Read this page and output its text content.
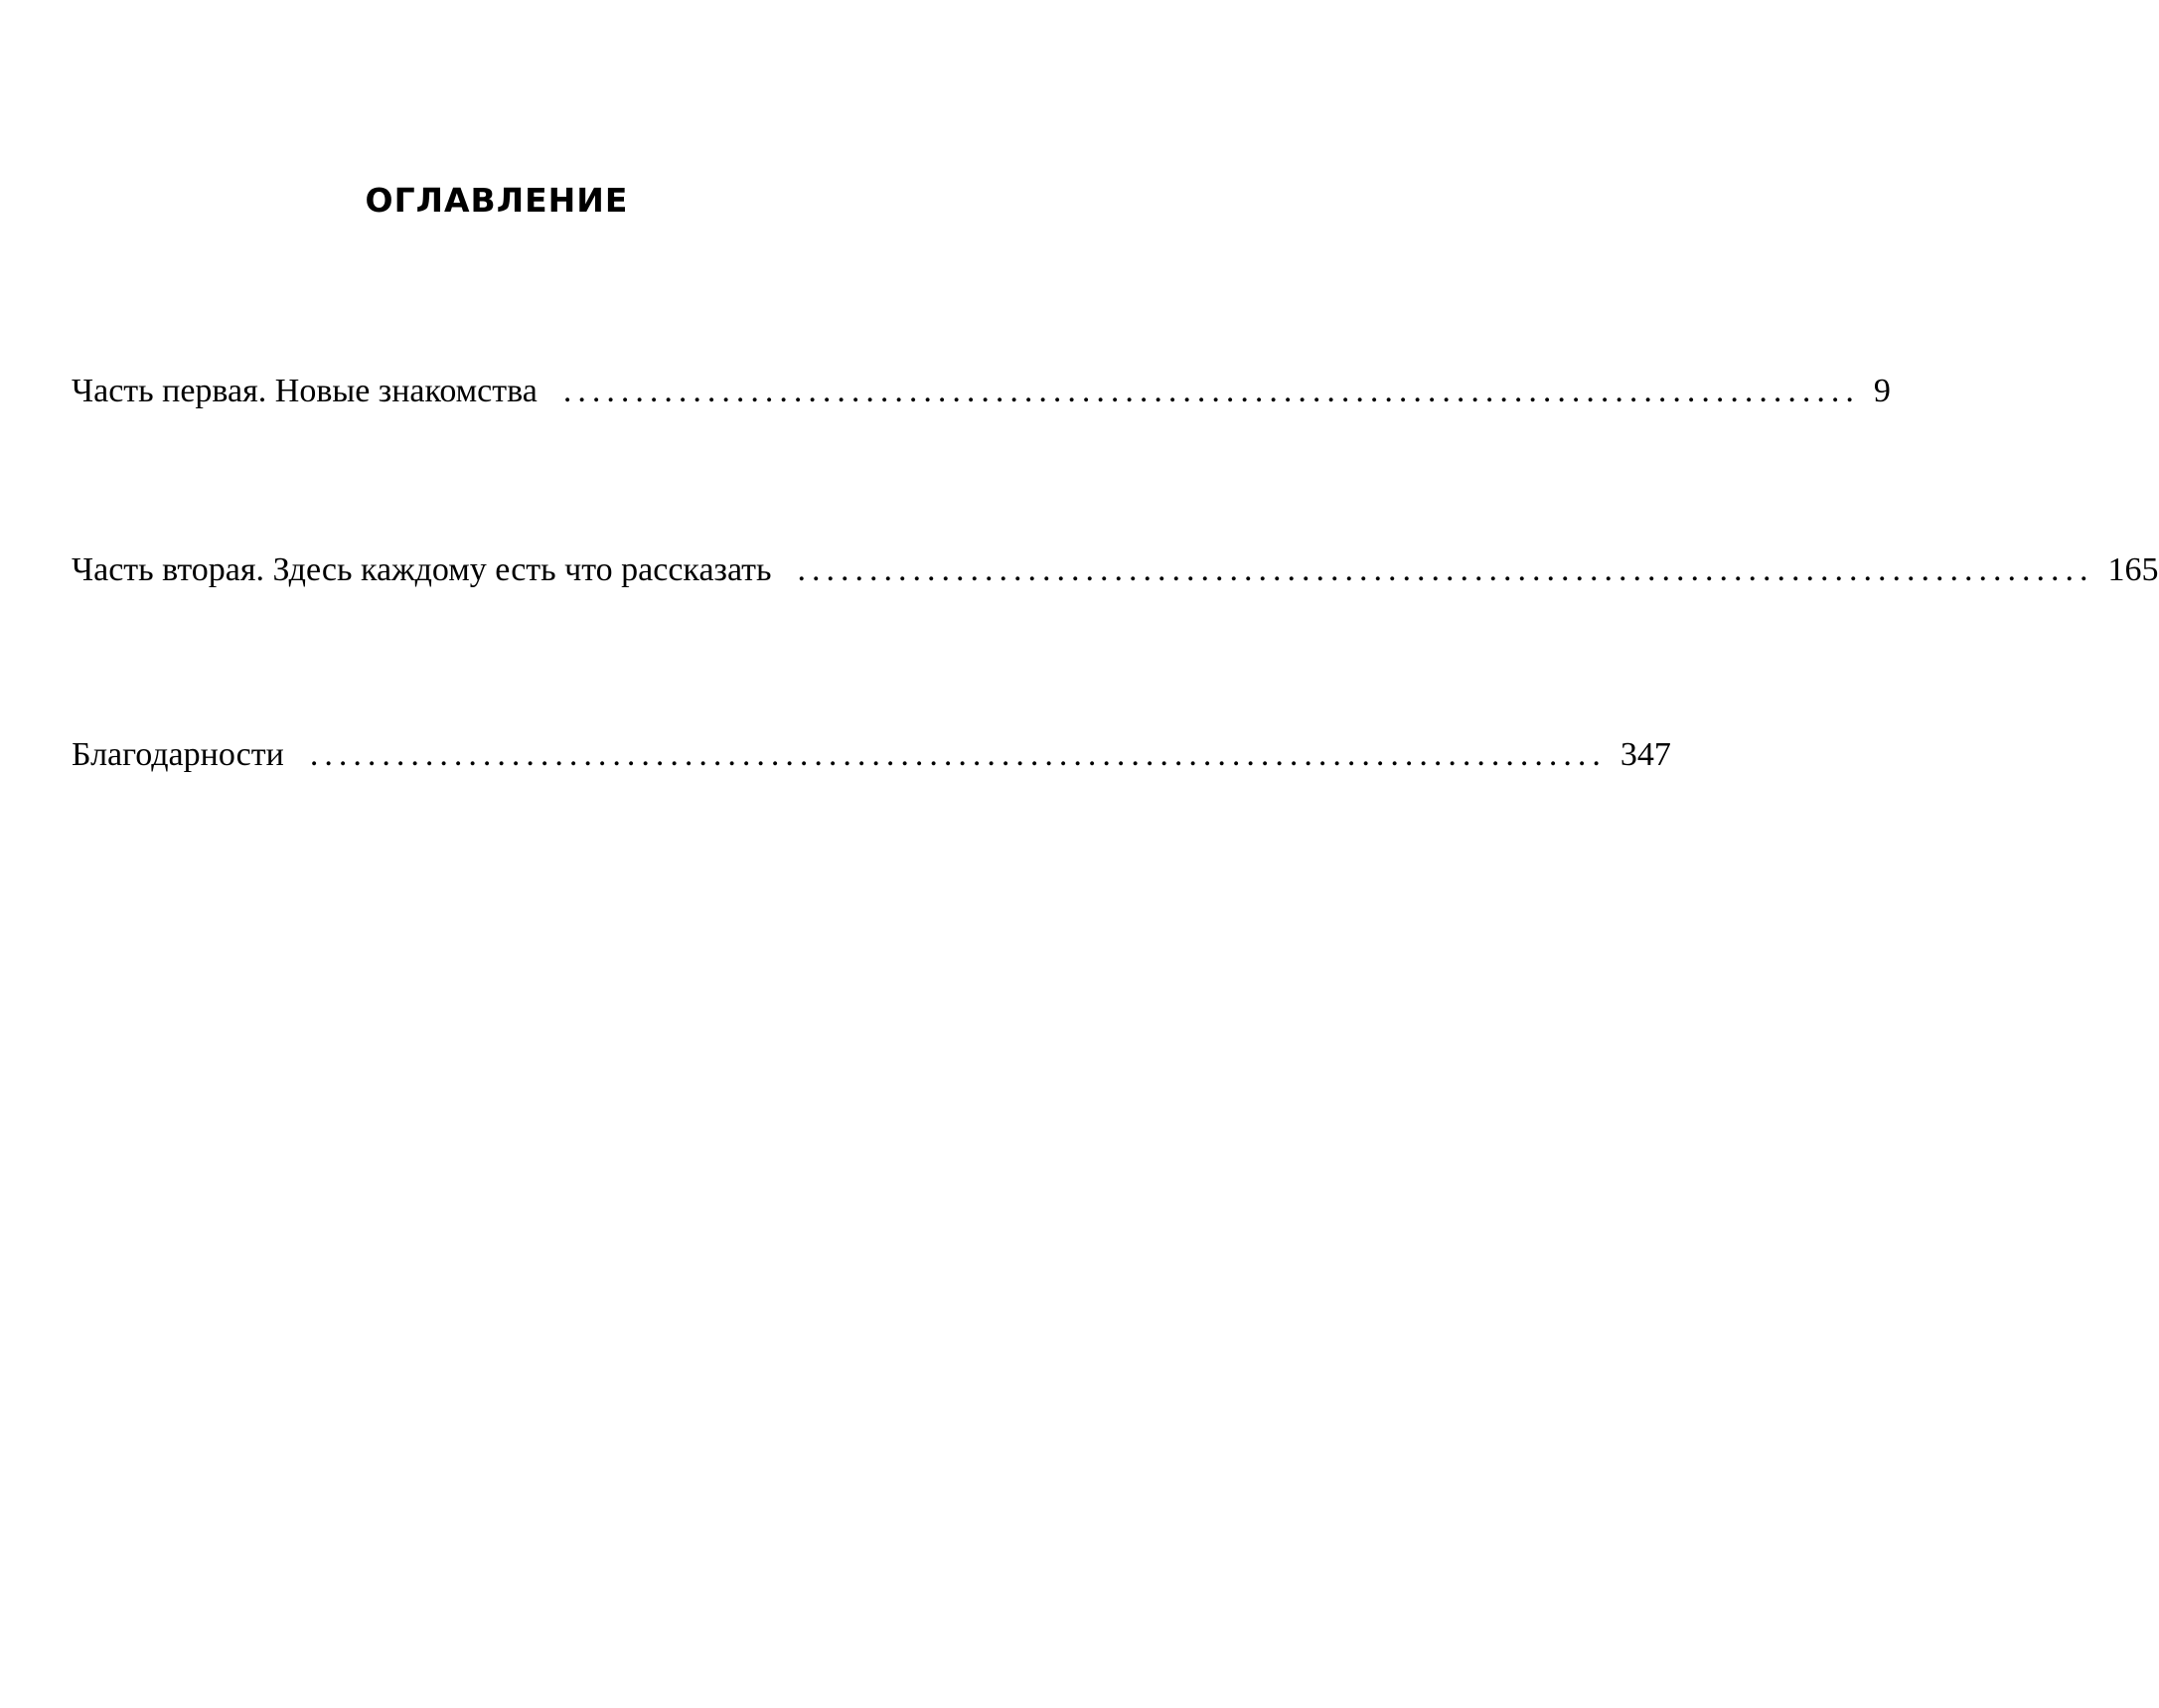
ОГЛАВЛЕНИЕ
Часть первая. Новые знакомства .......................................................................................... 9
Часть вторая. Здесь каждому есть что рассказать .......................................................................................... 165
Благодарности .......................................................................................... 347
